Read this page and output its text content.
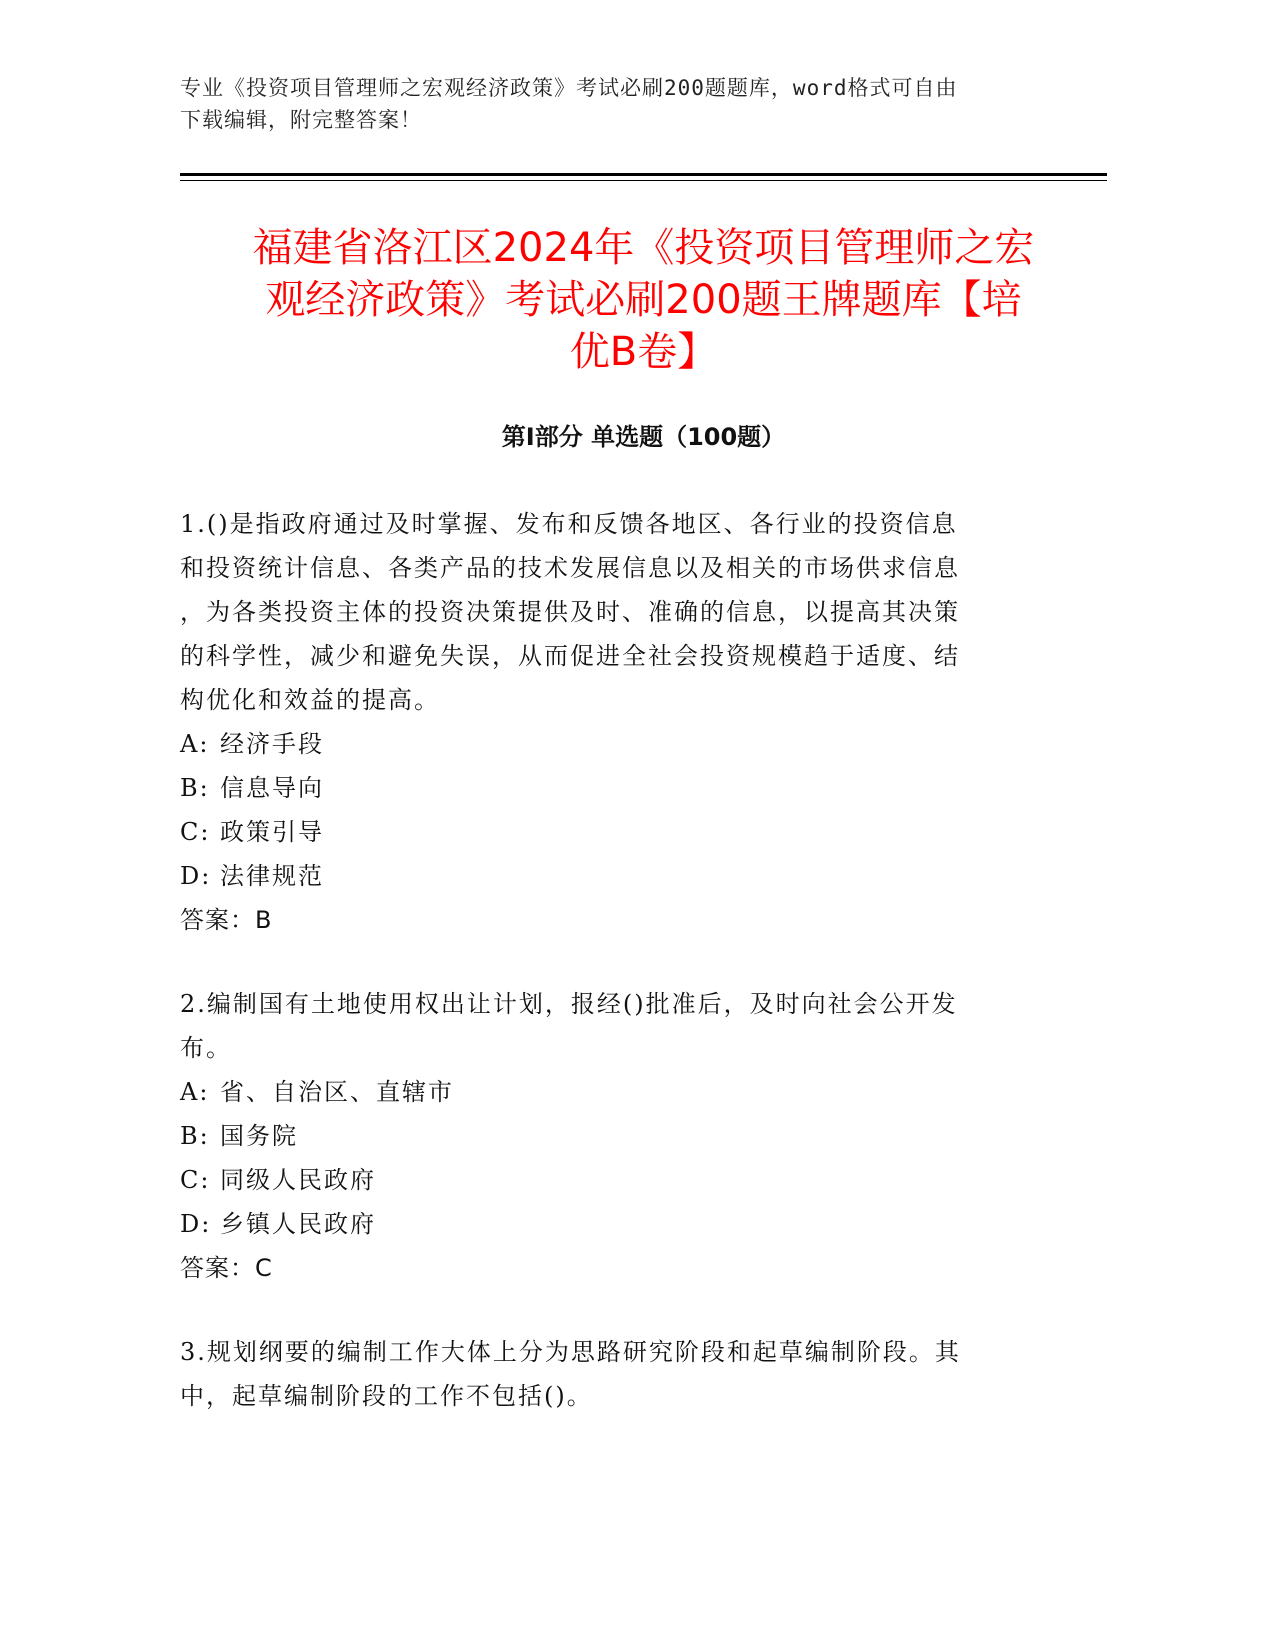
专业《投资项目管理师之宏观经济政策》考试必刷200题题库，word格式可自由
下载编辑，附完整答案！
福建省洛江区2024年《投资项目管理师之宏
观经济政策》考试必刷200题王牌题库【培
优B卷】
第Ⅰ部分 单选题（100题）
1.()是指政府通过及时掌握、发布和反馈各地区、各行业的投资信息
和投资统计信息、各类产品的技术发展信息以及相关的市场供求信息
，为各类投资主体的投资决策提供及时、准确的信息，以提高其决策
的科学性，减少和避免失误，从而促进全社会投资规模趋于适度、结
构优化和效益的提高。
A: 经济手段
B: 信息导向
C: 政策引导
D: 法律规范
答案：B
2.编制国有土地使用权出让计划，报经()批准后，及时向社会公开发
布。
A: 省、自治区、直辖市
B: 国务院
C: 同级人民政府
D: 乡镇人民政府
答案：C
3.规划纲要的编制工作大体上分为思路研究阶段和起草编制阶段。其
中，起草编制阶段的工作不包括()。
